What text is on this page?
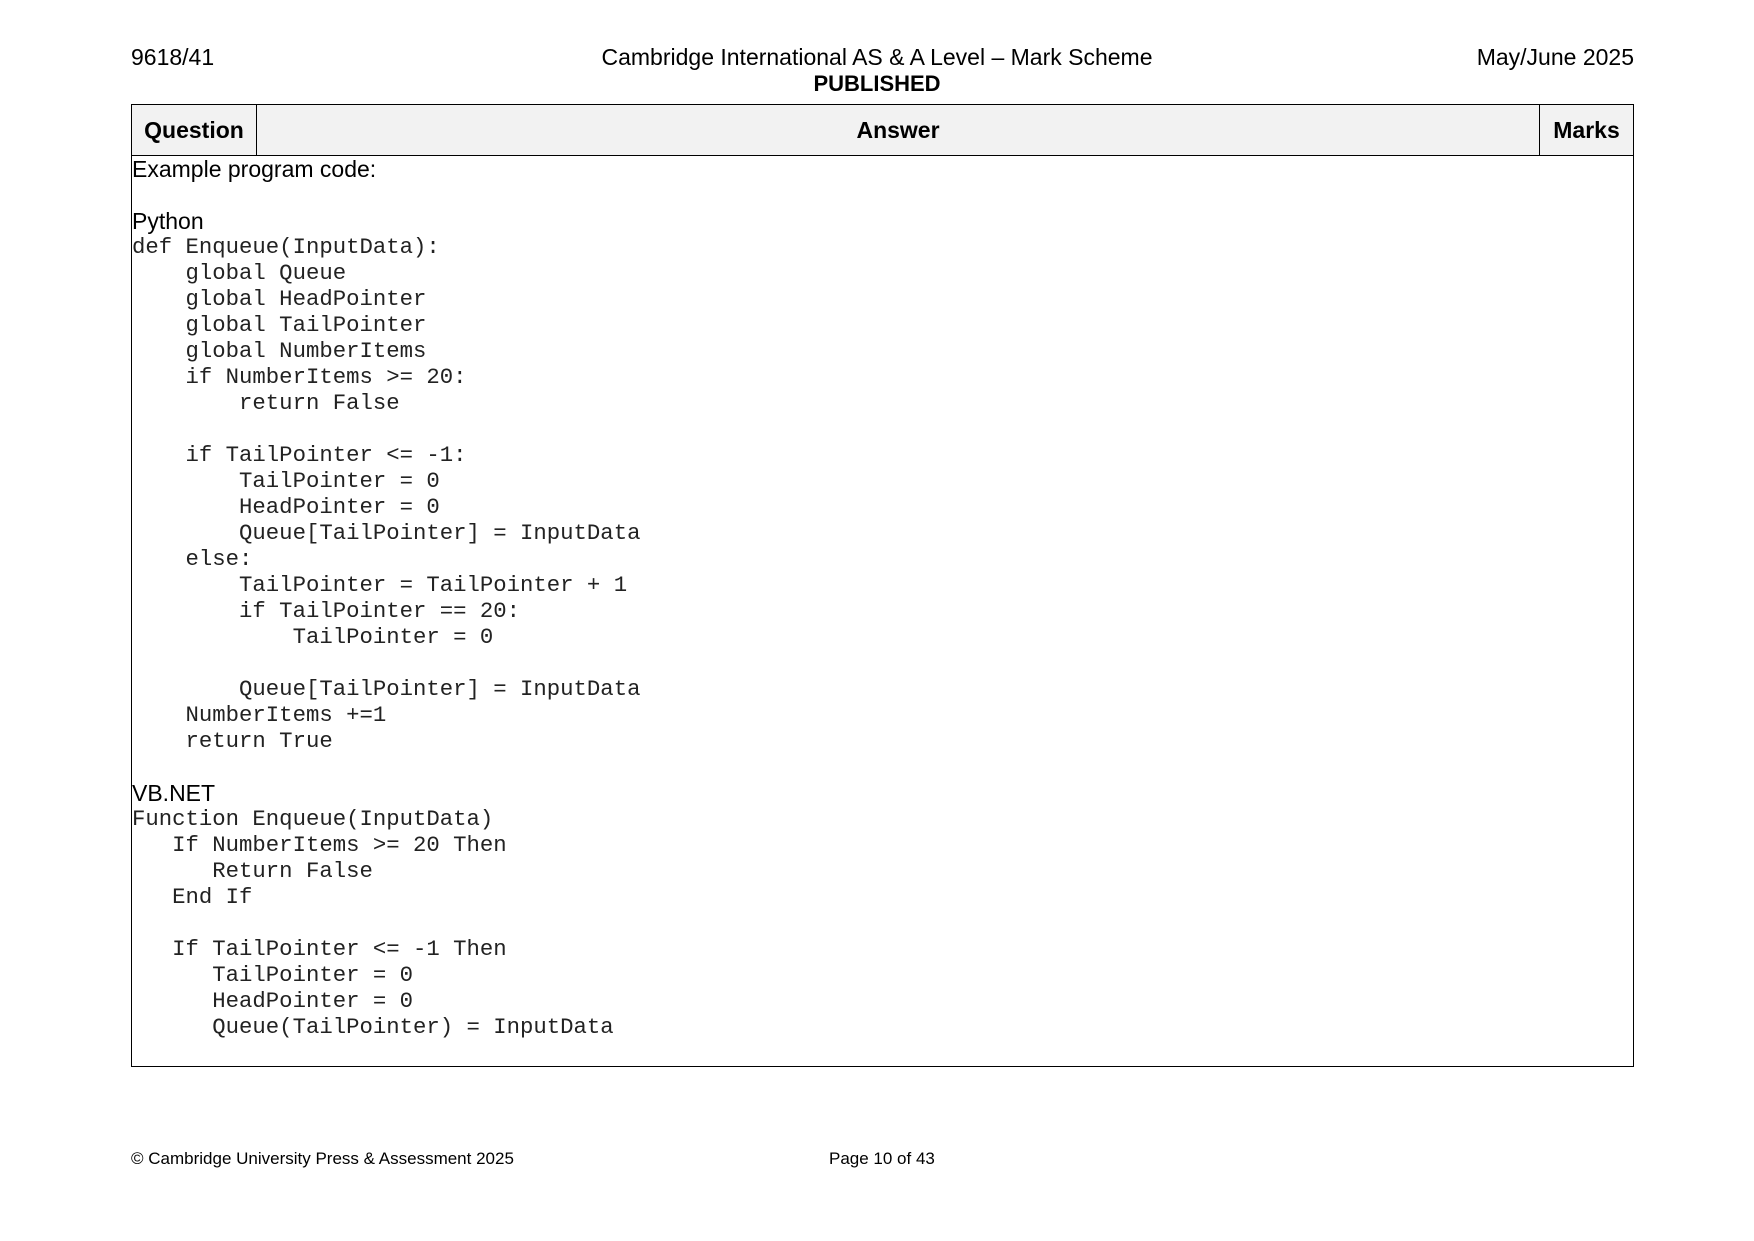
9618/41	Cambridge International AS & A Level – Mark Scheme	May/June 2025
PUBLISHED
Question	Answer	Marks

Example program code:
Python
def Enqueue(InputData):
global Queue
global HeadPointer
global TailPointer
global NumberItems
if NumberItems >= 20:
return False

if TailPointer <= -1:
TailPointer = 0
HeadPointer = 0
Queue[TailPointer] = InputData
else:
TailPointer = TailPointer + 1
if TailPointer == 20:
TailPointer = 0

Queue[TailPointer] = InputData
NumberItems +=1
return True
VB.NET
Function Enqueue(InputData)
If NumberItems >= 20 Then
Return False
End If

If TailPointer <= -1 Then
TailPointer = 0
HeadPointer = 0
Queue(TailPointer) = InputData
© Cambridge University Press & Assessment 2025	Page 10 of 43
